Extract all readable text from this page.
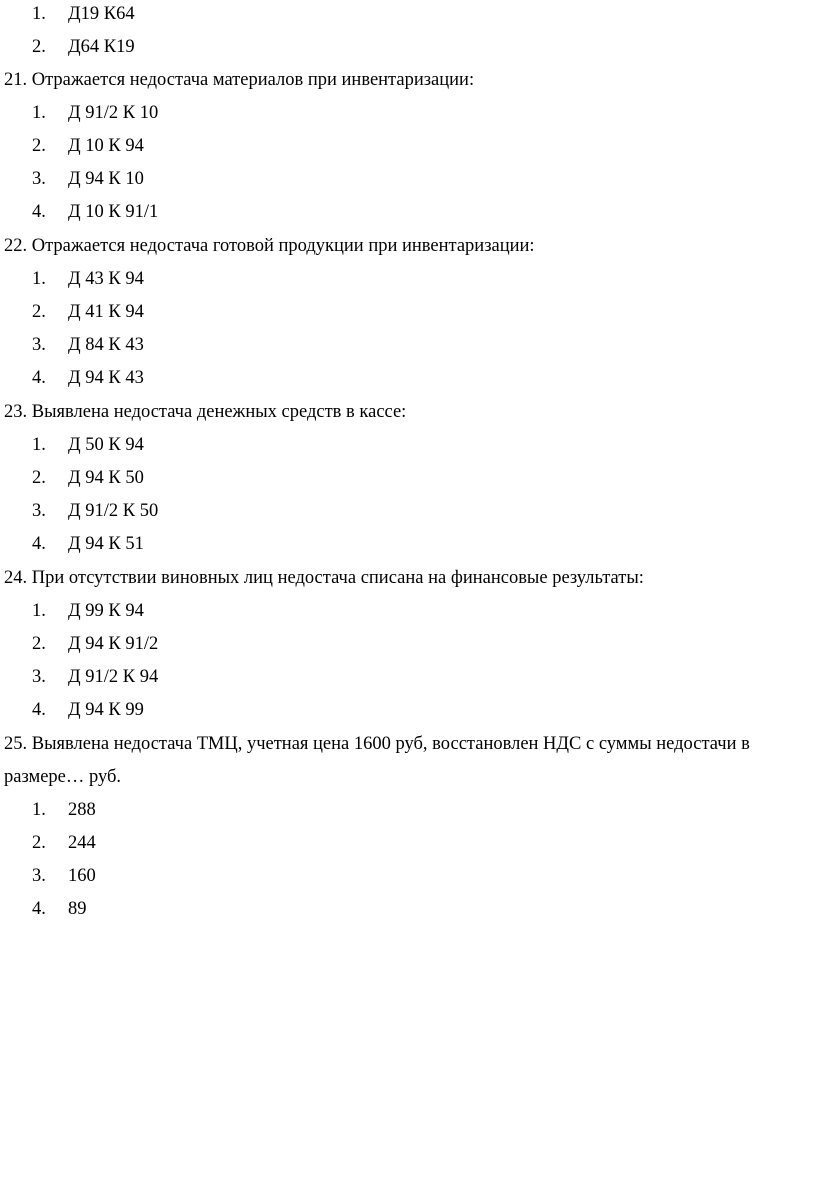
1. Д19 К64
2. Д64 К19
21. Отражается недостача материалов при инвентаризации:
1. Д 91/2 К 10
2. Д 10 К 94
3. Д 94 К 10
4. Д 10 К 91/1
22. Отражается недостача готовой продукции при инвентаризации:
1. Д 43 К 94
2. Д 41 К 94
3. Д 84 К 43
4. Д 94 К 43
23. Выявлена недостача денежных средств в кассе:
1. Д 50 К 94
2. Д 94 К 50
3. Д 91/2 К 50
4. Д 94 К 51
24. При отсутствии виновных лиц недостача списана на финансовые результаты:
1. Д 99 К 94
2. Д 94 К 91/2
3. Д 91/2 К 94
4. Д 94 К 99
25. Выявлена недостача ТМЦ, учетная цена 1600 руб, восстановлен НДС с суммы недостачи в
размере… руб.
1. 288
2. 244
3. 160
4. 89
